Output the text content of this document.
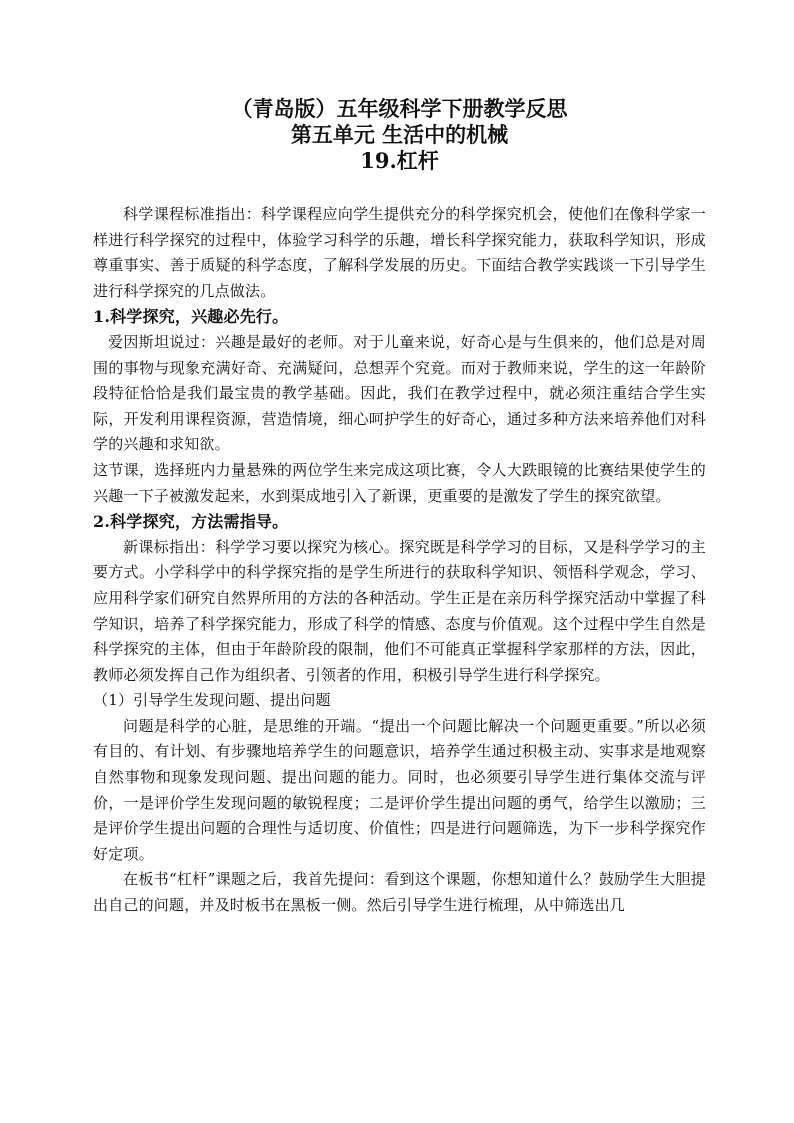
（青岛版）五年级科学下册教学反思
第五单元 生活中的机械
19.杠杆

科学课程标准指出：科学课程应向学生提供充分的科学探究机会，使他们在像科学家一样进行科学探究的过程中，体验学习科学的乐趣，增长科学探究能力，获取科学知识，形成尊重事实、善于质疑的科学态度，了解科学发展的历史。下面结合教学实践谈一下引导学生进行科学探究的几点做法。

1.科学探究，兴趣必先行。

爱因斯坦说过：兴趣是最好的老师。对于儿童来说，好奇心是与生俱来的，他们总是对周围的事物与现象充满好奇、充满疑问，总想弄个究竟。而对于教师来说，学生的这一年龄阶段特征恰恰是我们最宝贵的教学基础。因此，我们在教学过程中，就必须注重结合学生实际，开发利用课程资源，营造情境，细心呵护学生的好奇心，通过多种方法来培养他们对科学的兴趣和求知欲。

这节课，选择班内力量悬殊的两位学生来完成这项比赛，令人大跌眼镜的比赛结果使学生的兴趣一下子被激发起来，水到渠成地引入了新课，更重要的是激发了学生的探究欲望。

2.科学探究，方法需指导。

新课标指出：科学学习要以探究为核心。探究既是科学学习的目标，又是科学学习的主要方式。小学科学中的科学探究指的是学生所进行的获取科学知识、领悟科学观念，学习、应用科学家们研究自然界所用的方法的各种活动。学生正是在亲历科学探究活动中掌握了科学知识，培养了科学探究能力，形成了科学的情感、态度与价值观。这个过程中学生自然是科学探究的主体，但由于年龄阶段的限制，他们不可能真正掌握科学家那样的方法，因此，教师必须发挥自己作为组织者、引领者的作用，积极引导学生进行科学探究。

（1）引导学生发现问题、提出问题

问题是科学的心脏，是思维的开端。“提出一个问题比解决一个问题更重要。”所以必须有目的、有计划、有步骤地培养学生的问题意识，培养学生通过积极主动、实事求是地观察自然事物和现象发现问题、提出问题的能力。同时，也必须要引导学生进行集体交流与评价，一是评价学生发现问题的敏锐程度；二是评价学生提出问题的勇气，给学生以激励；三是评价学生提出问题的合理性与适切度、价值性；四是进行问题筛选，为下一步科学探究作好定项。

在板书“杠杆”课题之后，我首先提问：看到这个课题，你想知道什么？鼓励学生大胆提出自己的问题，并及时板书在黑板一侧。然后引导学生进行梳理，从中筛选出几
